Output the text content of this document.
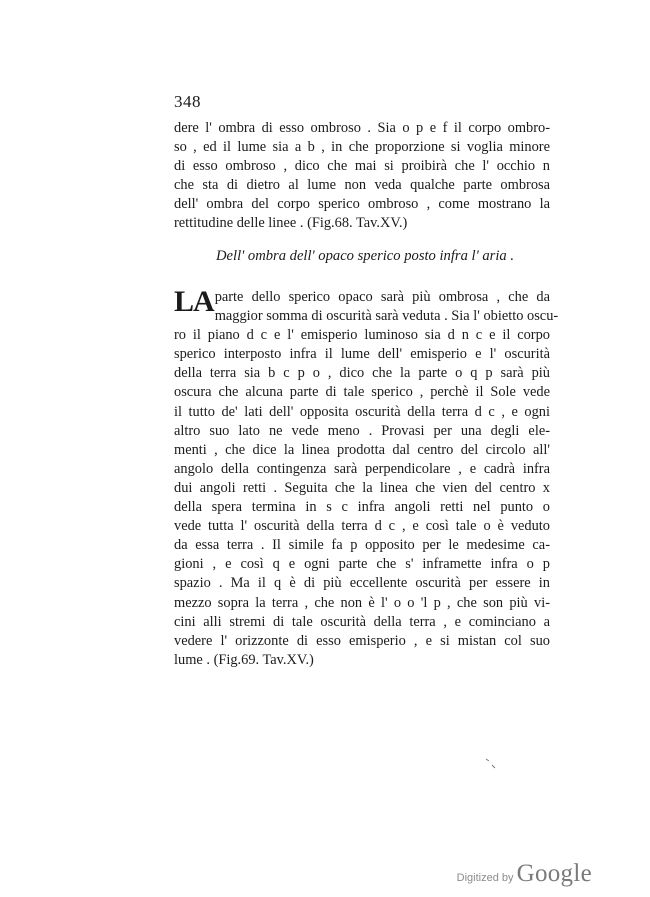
348
dere l' ombra di esso ombroso . Sia o p e f il corpo ombro-
so , ed il lume sia a b , in che proporzione si voglia minore
di esso ombroso , dico che mai si proibirà che l' occhio n
che sta di dietro al lume non veda qualche parte ombrosa
dell' ombra del corpo sperico ombroso , come mostrano la
rettitudine delle linee . (Fig.68. Tav.XV.)
Dell' ombra dell' opaco sperico posto infra l' aria .
LA parte dello sperico opaco sarà più ombrosa , che da
maggior somma di oscurità sarà veduta . Sia l' obietto oscu-
ro il piano d c e l' emisperio luminoso sia d n c e il corpo
sperico interposto infra il lume dell' emisperio e l' oscurità
della terra sia b c p o , dico che la parte o q p sarà più
oscura che alcuna parte di tale sperico , perchè il Sole vede
il tutto de' lati dell' opposita oscurità della terra d c , e ogni
altro suo lato ne vede meno . Provasi per una degli ele-
menti , che dice la linea prodotta dal centro del circolo all'
angolo della contingenza sarà perpendicolare , e cadrà infra
dui angoli retti . Seguita che la linea che vien del centro x
della spera termina in s c infra angoli retti nel punto o
vede tutta l' oscurità della terra d c , e così tale o è veduto
da essa terra . Il simile fa p opposito per le medesime ca-
gioni , e così q e ogni parte che s' inframette infra o p
spazio . Ma il q è di più eccellente oscurità per essere in
mezzo sopra la terra , che non è l' o o 'l p , che son più vi-
cini alli stremi di tale oscurità della terra , e cominciano a
vedere l' orizzonte di esso emisperio , e si mistan col suo
lume . (Fig.69. Tav.XV.)
Digitized by Google
